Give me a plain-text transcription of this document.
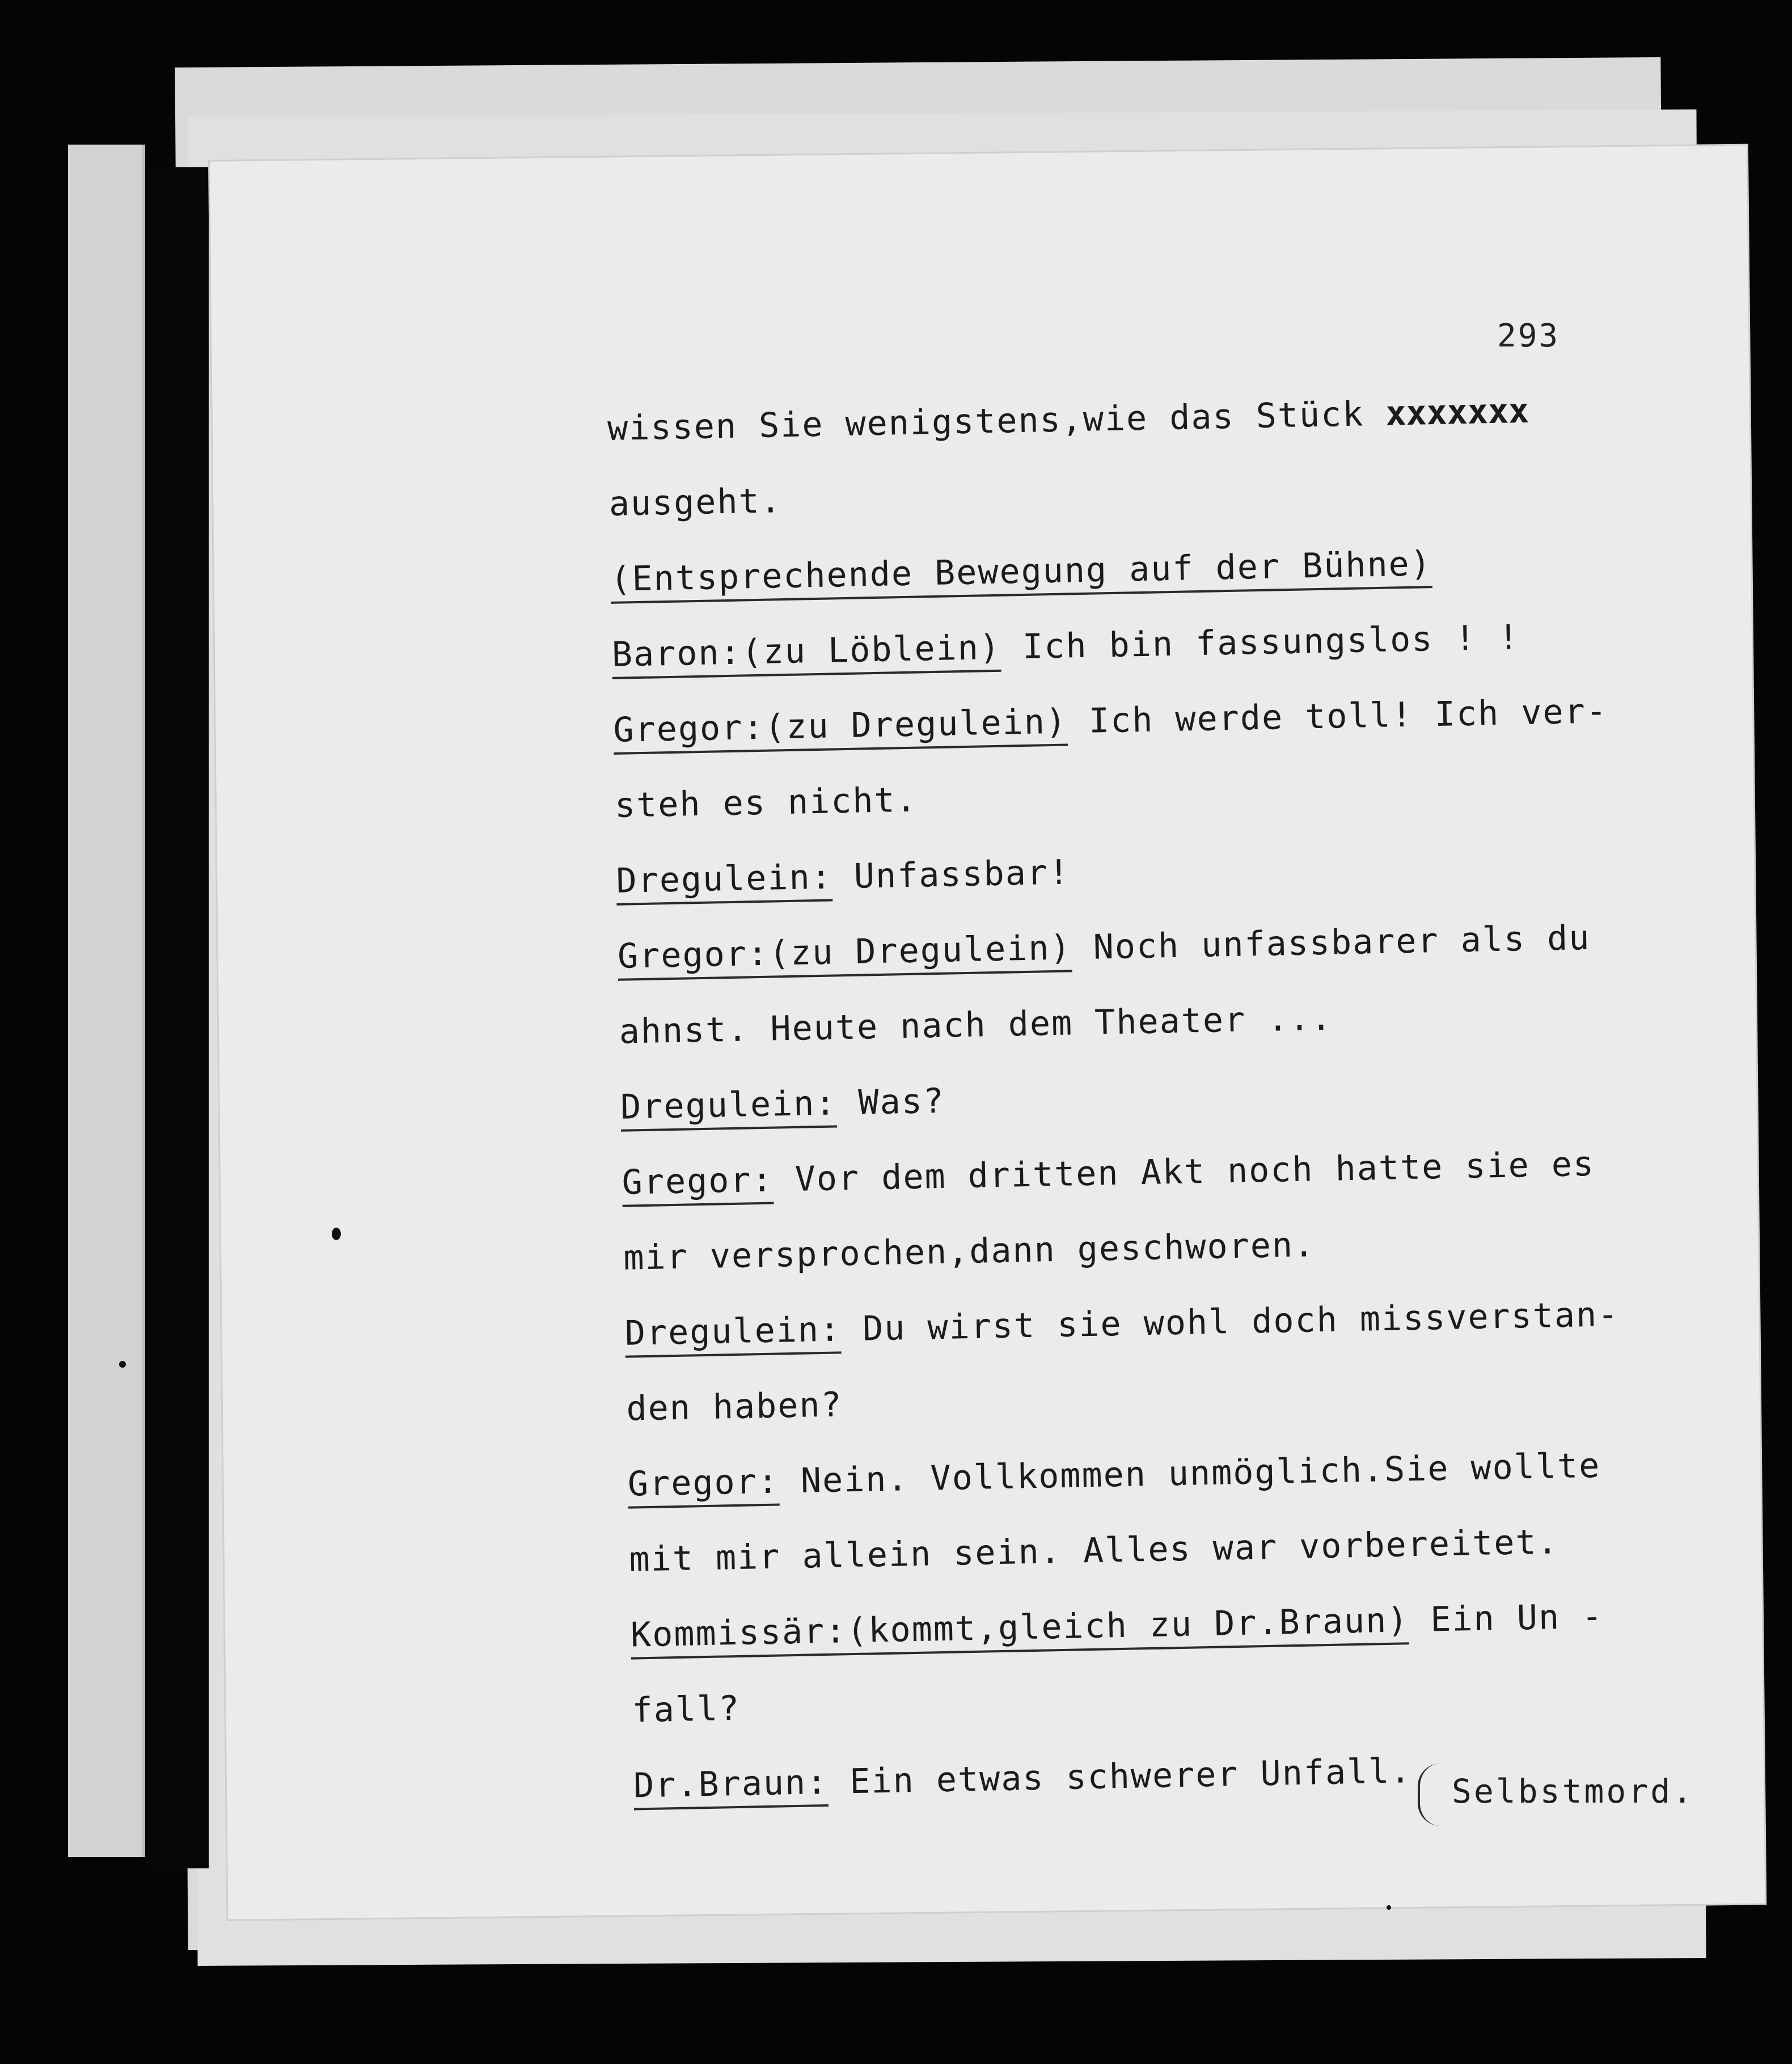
293
wissen Sie wenigstens,wie das Stück xxxxxxx
ausgeht.
(Entsprechende Bewegung auf der Bühne)
Baron:(zu Löblein) Ich bin fassungslos ! !
Gregor:(zu Dregulein) Ich werde toll! Ich ver-
steh es nicht.
Dregulein: Unfassbar!
Gregor:(zu Dregulein) Noch unfassbarer als du
ahnst. Heute nach dem Theater ...
Dregulein: Was?
Gregor: Vor dem dritten Akt noch hatte sie es
mir versprochen,dann geschworen.
Dregulein: Du wirst sie wohl doch missverstan-
den haben?
Gregor: Nein. Vollkommen unmöglich.Sie wollte
mit mir allein sein. Alles war vorbereitet.
Kommissär:(kommt,gleich zu Dr.Braun) Ein Un -
fall?
Dr.Braun: Ein etwas schwerer Unfall.	Selbstmord.
